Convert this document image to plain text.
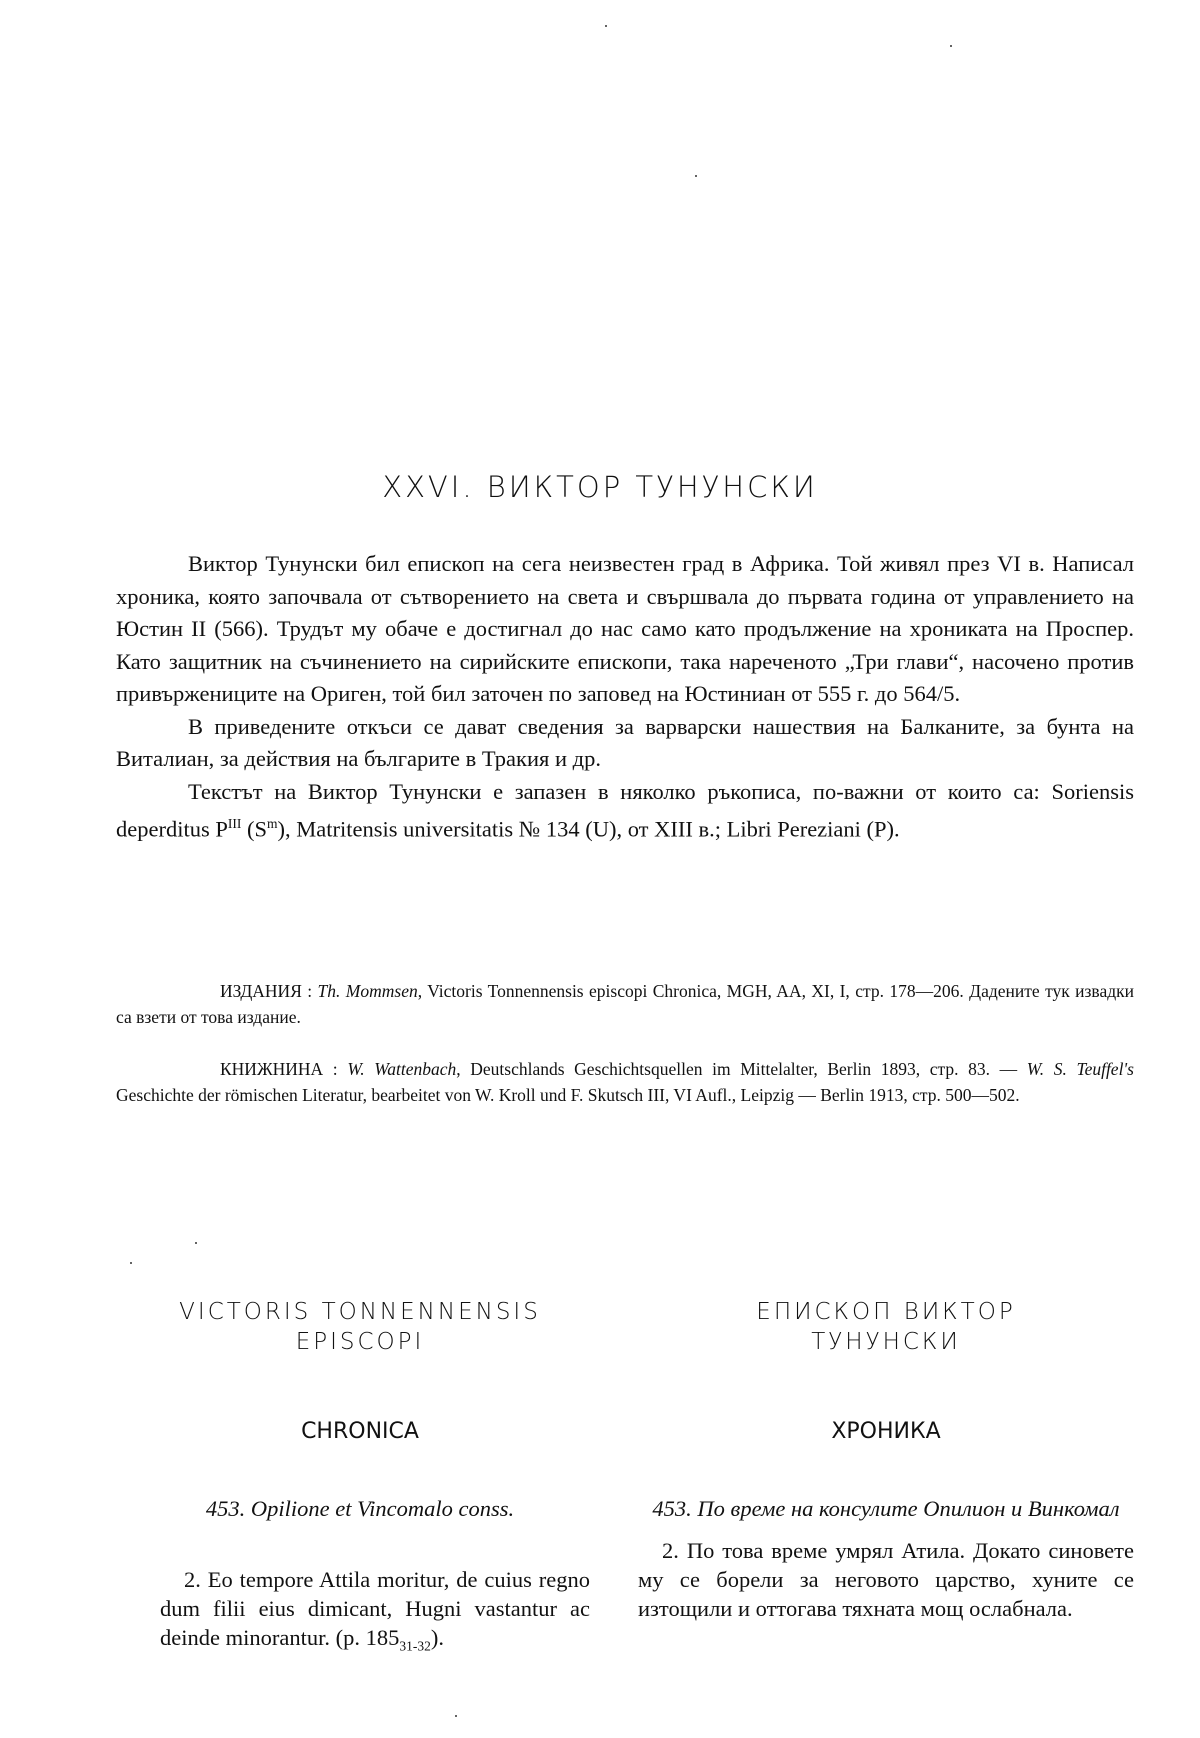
XXVI. ВИКТОР ТУНУНСКИ

Виктор Тунунски бил епископ на сега неизвестен град в Африка. Той живял през VI в. Написал хроника, която започвала от сътворението на света и свършвала до първата година от управлението на Юстин II (566). Трудът му обаче е достигнал до нас само като продължение на хрониката на Проспер. Като защитник на съчинението на сирийските епископи, така нареченото „Три глави“, насочено против привържениците на Ориген, той бил заточен по заповед на Юстиниан от 555 г. до 564/5.

В приведените откъси се дават сведения за варварски нашествия на Балканите, за бунта на Виталиан, за действия на българите в Тракия и др.

Текстът на Виктор Тунунски е запазен в няколко ръкописа, по-важни от които са: Soriensis deperditus $P^{III}$ $(S^m)$, Matritensis universitatis № 134 (U), от XIII в.; Libri Pereziani (P).

ИЗДАНИЯ : Th. Mommsen, Victoris Tonnennensis episcopi Chronica, MGH, AA, XI, I, стр. 178—206. Дадените тук извадки са взети от това издание.

КНИЖНИНА : W. Wattenbach, Deutschlands Geschichtsquellen im Mittelalter, Berlin 1893, стр. 83. — W. S. Teuffel's Geschichte der römischen Literatur, bearbeitet von W. Kroll und F. Skutsch III, VI Aufl., Leipzig — Berlin 1913, стр. 500—502.

VICTORIS TONNENNENSIS
EPISCOPI
CHRONICA
453. Opilione et Vincomalo conss.
2. Eo tempore Attila moritur, de cuius regno dum filii eius dimicant, Hugni vastantur ac deinde minorantur. (p. $185_{31-32}$).
ЕПИСКОП ВИКТОР
ТУНУНСКИ
ХРОНИКА
453. По време на консулите Опилион и Винкомал
2. По това време умрял Атила. Докато синовете му се борели за неговото царство, хуните се изтощили и оттогава тяхната мощ ослабнала.
